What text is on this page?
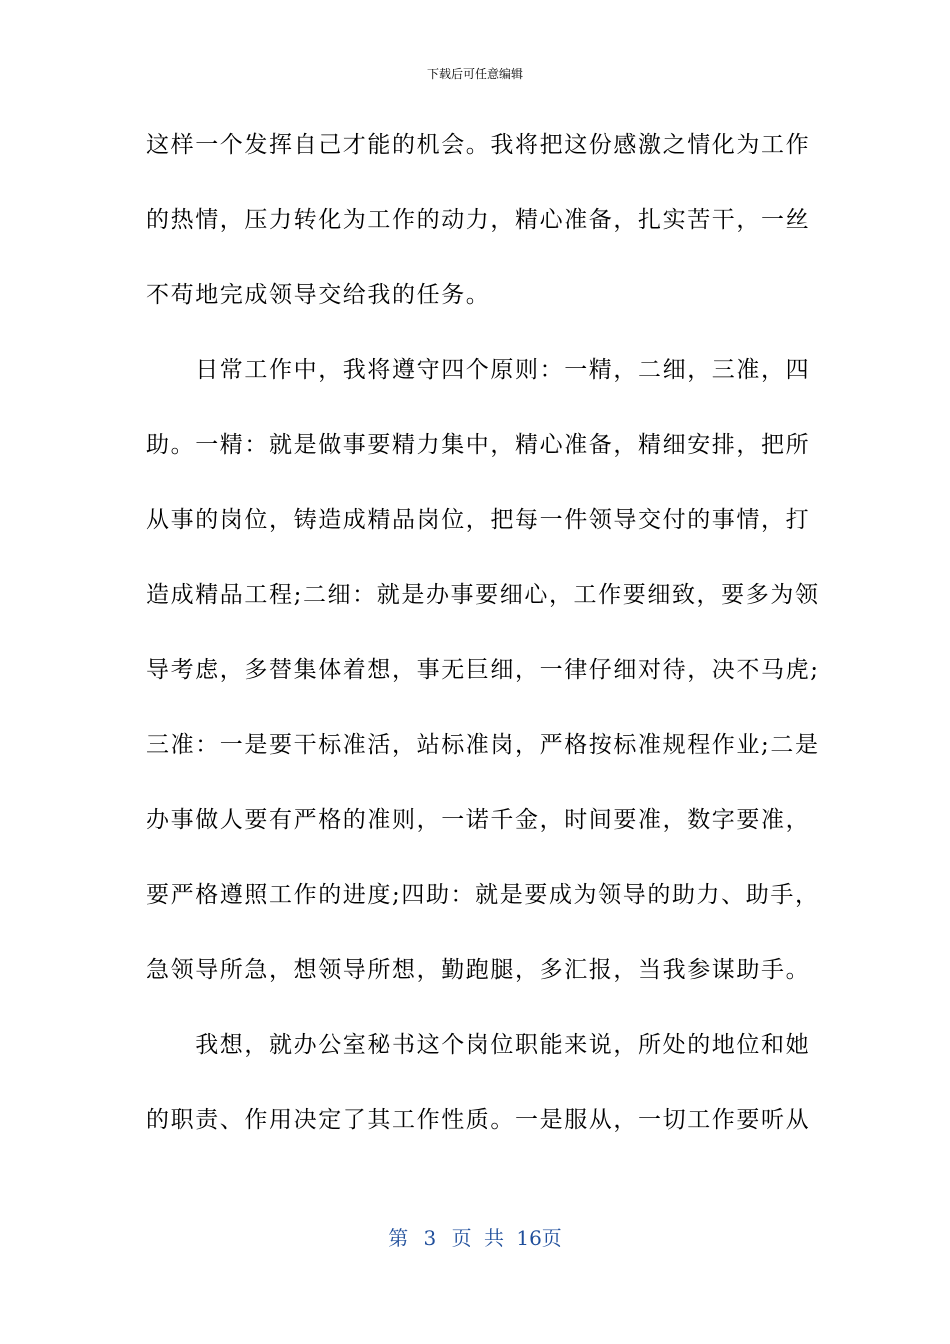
下载后可任意编辑
这样一个发挥自己才能的机会。我将把这份感激之情化为工作
的热情，压力转化为工作的动力，精心准备，扎实苦干，一丝
不苟地完成领导交给我的任务。
　　日常工作中，我将遵守四个原则：一精，二细，三准，四
助。一精：就是做事要精力集中，精心准备，精细安排，把所
从事的岗位，铸造成精品岗位，把每一件领导交付的事情，打
造成精品工程;二细：就是办事要细心，工作要细致，要多为领
导考虑，多替集体着想，事无巨细，一律仔细对待，决不马虎;
三准：一是要干标准活，站标准岗，严格按标准规程作业;二是
办事做人要有严格的准则，一诺千金，时间要准，数字要准，
要严格遵照工作的进度;四助：就是要成为领导的助力、助手，
急领导所急，想领导所想，勤跑腿，多汇报，当我参谋助手。
　　我想，就办公室秘书这个岗位职能来说，所处的地位和她
的职责、作用决定了其工作性质。一是服从，一切工作要听从
第 3 页 共 16页
